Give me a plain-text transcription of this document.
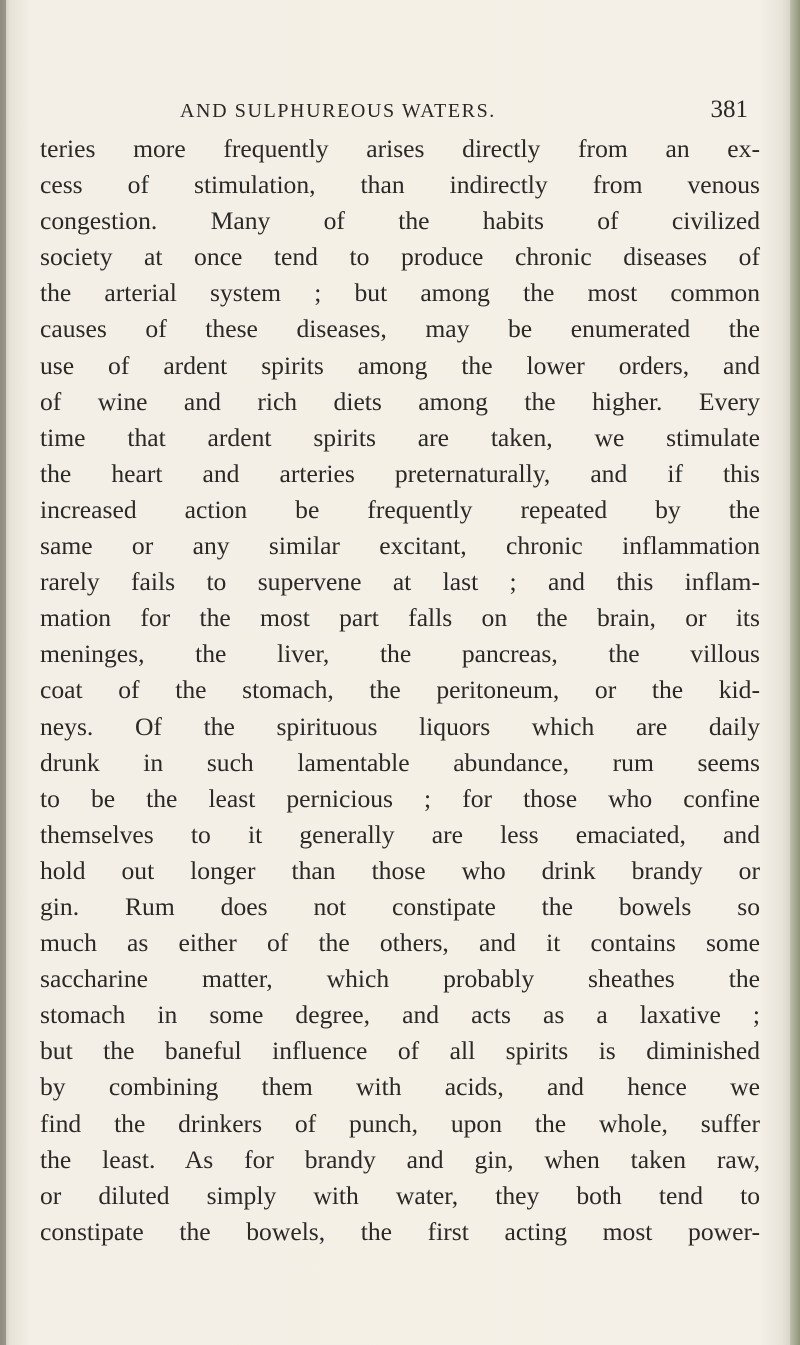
AND SULPHUREOUS WATERS.	381
teries more frequently arises directly from an ex-
cess of stimulation, than indirectly from venous
congestion. Many of the habits of civilized
society at once tend to produce chronic diseases of
the arterial system ; but among the most common
causes of these diseases, may be enumerated the
use of ardent spirits among the lower orders, and
of wine and rich diets among the higher. Every
time that ardent spirits are taken, we stimulate
the heart and arteries preternaturally, and if this
increased action be frequently repeated by the
same or any similar excitant, chronic inflammation
rarely fails to supervene at last ; and this inflam-
mation for the most part falls on the brain, or its
meninges, the liver, the pancreas, the villous
coat of the stomach, the peritoneum, or the kid-
neys. Of the spirituous liquors which are daily
drunk in such lamentable abundance, rum seems
to be the least pernicious ; for those who confine
themselves to it generally are less emaciated, and
hold out longer than those who drink brandy or
gin. Rum does not constipate the bowels so
much as either of the others, and it contains some
saccharine matter, which probably sheathes the
stomach in some degree, and acts as a laxative ;
but the baneful influence of all spirits is diminished
by combining them with acids, and hence we
find the drinkers of punch, upon the whole, suffer
the least. As for brandy and gin, when taken raw,
or diluted simply with water, they both tend to
constipate the bowels, the first acting most power-
